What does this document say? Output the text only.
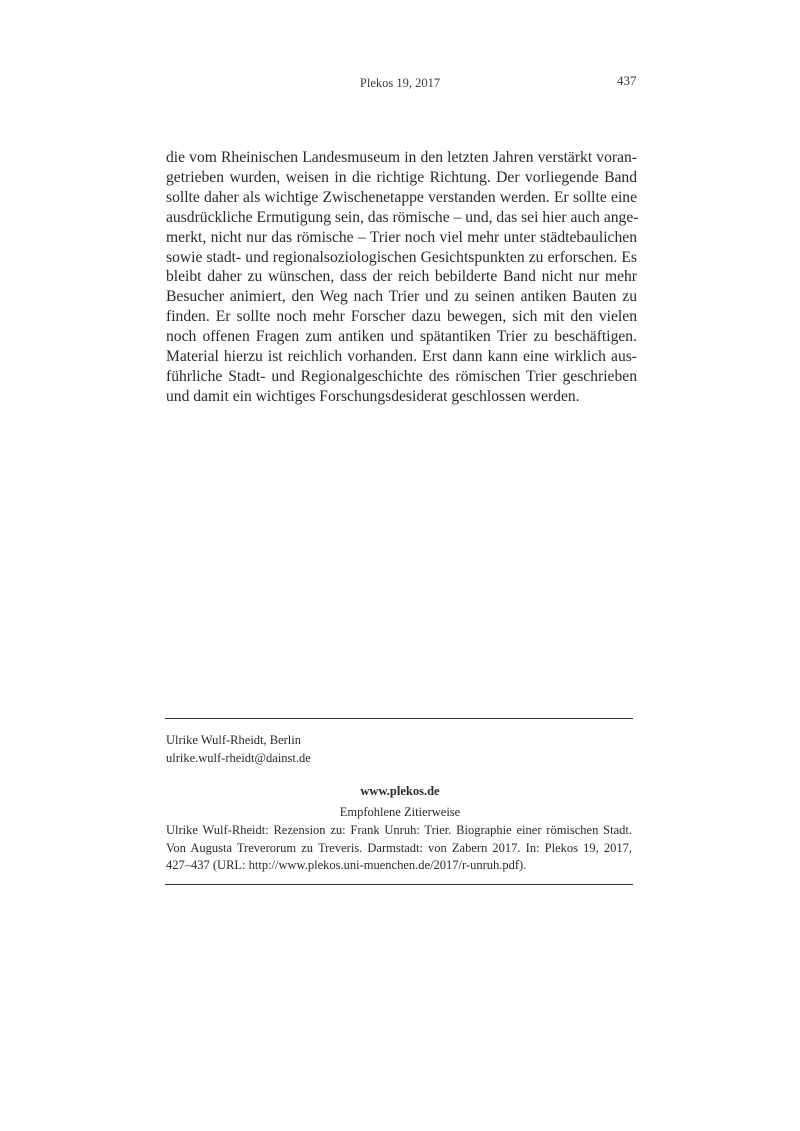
Plekos 19, 2017	437
die vom Rheinischen Landesmuseum in den letzten Jahren verstärkt voran-
getrieben wurden, weisen in die richtige Richtung. Der vorliegende Band
sollte daher als wichtige Zwischenetappe verstanden werden. Er sollte eine
ausdrückliche Ermutigung sein, das römische – und, das sei hier auch ange-
merkt, nicht nur das römische – Trier noch viel mehr unter städtebaulichen
sowie stadt- und regionalsoziologischen Gesichtspunkten zu erforschen. Es
bleibt daher zu wünschen, dass der reich bebilderte Band nicht nur mehr
Besucher animiert, den Weg nach Trier und zu seinen antiken Bauten zu
finden. Er sollte noch mehr Forscher dazu bewegen, sich mit den vielen
noch offenen Fragen zum antiken und spätantiken Trier zu beschäftigen.
Material hierzu ist reichlich vorhanden. Erst dann kann eine wirklich aus-
führliche Stadt- und Regionalgeschichte des römischen Trier geschrieben
und damit ein wichtiges Forschungsdesiderat geschlossen werden.
Ulrike Wulf-Rheidt, Berlin
ulrike.wulf-rheidt@dainst.de
www.plekos.de
Empfohlene Zitierweise
Ulrike Wulf-Rheidt: Rezension zu: Frank Unruh: Trier. Biographie einer römischen Stadt.
Von Augusta Treverorum zu Treveris. Darmstadt: von Zabern 2017. In: Plekos 19, 2017,
427–437 (URL: http://www.plekos.uni-muenchen.de/2017/r-unruh.pdf).
